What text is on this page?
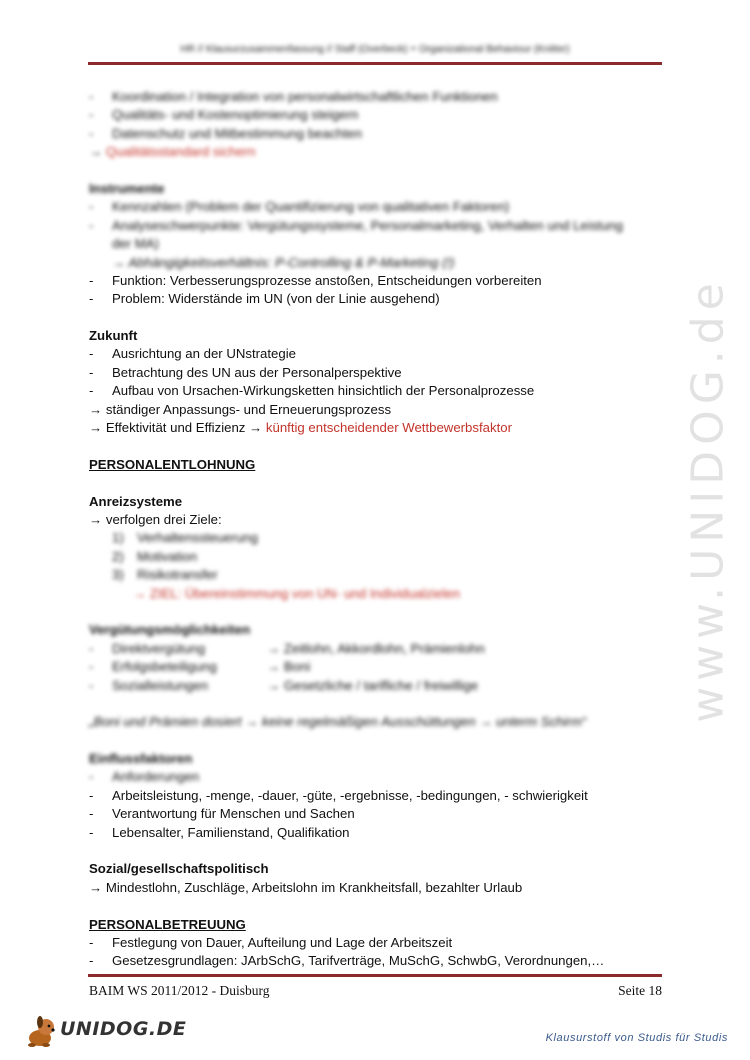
www.UNIDOG.de
HR // Klausurzusammenfassung // Staff (Overbeck) + Organizational Behaviour (Knitter)
- Koordination / Integration von personalwirtschaftlichen Funktionen
- Qualitäts- und Kostenoptimierung steigern
- Datenschutz und Mitbestimmung beachten
→ Qualitätsstandard sichern
Instrumente
- Kennzahlen (Problem der Quantifizierung von qualitativen Faktoren)
- Analyseschwerpunkte: Vergütungssysteme, Personalmarketing, Verhalten und Leistung
der MA)
→ Abhängigkeitsverhältnis: P-Controlling & P-Marketing (!)
- Funktion: Verbesserungsprozesse anstoßen, Entscheidungen vorbereiten
- Problem: Widerstände im UN (von der Linie ausgehend)
Zukunft
- Ausrichtung an der UNstrategie
- Betrachtung des UN aus der Personalperspektive
- Aufbau von Ursachen-Wirkungsketten hinsichtlich der Personalprozesse
→ ständiger Anpassungs- und Erneuerungsprozess
→ Effektivität und Effizienz → künftig entscheidender Wettbewerbsfaktor
PERSONALENTLOHNUNG
Anreizsysteme
→ verfolgen drei Ziele:
1) Verhaltenssteuerung
2) Motivation
3) Risikotransfer
→ ZIEL: Übereinstimmung von UN- und Individualzielen
Vergütungsmöglichkeiten
- Direktvergütung	→ Zeitlohn, Akkordlohn, Prämienlohn
- Erfolgsbeteiligung	→ Boni
- Sozialleistungen	→ Gesetzliche / tarifliche / freiwillige
„Boni und Prämien dosiert → keine regelmäßigen Ausschüttungen → unterm Schirm“
Einflussfaktoren
- Anforderungen
- Arbeitsleistung, -menge, -dauer, -güte, -ergebnisse, -bedingungen, - schwierigkeit
- Verantwortung für Menschen und Sachen
- Lebensalter, Familienstand, Qualifikation
Sozial/gesellschaftspolitisch
→ Mindestlohn, Zuschläge, Arbeitslohn im Krankheitsfall, bezahlter Urlaub
PERSONALBETREUUNG
- Festlegung von Dauer, Aufteilung und Lage der Arbeitszeit
- Gesetzesgrundlagen: JArbSchG, Tarifverträge, MuSchG, SchwbG, Verordnungen,…
BAIM WS 2011/2012 - Duisburg	Seite 18
UNIDOG.DE	Klausurstoff von Studis für Studis
